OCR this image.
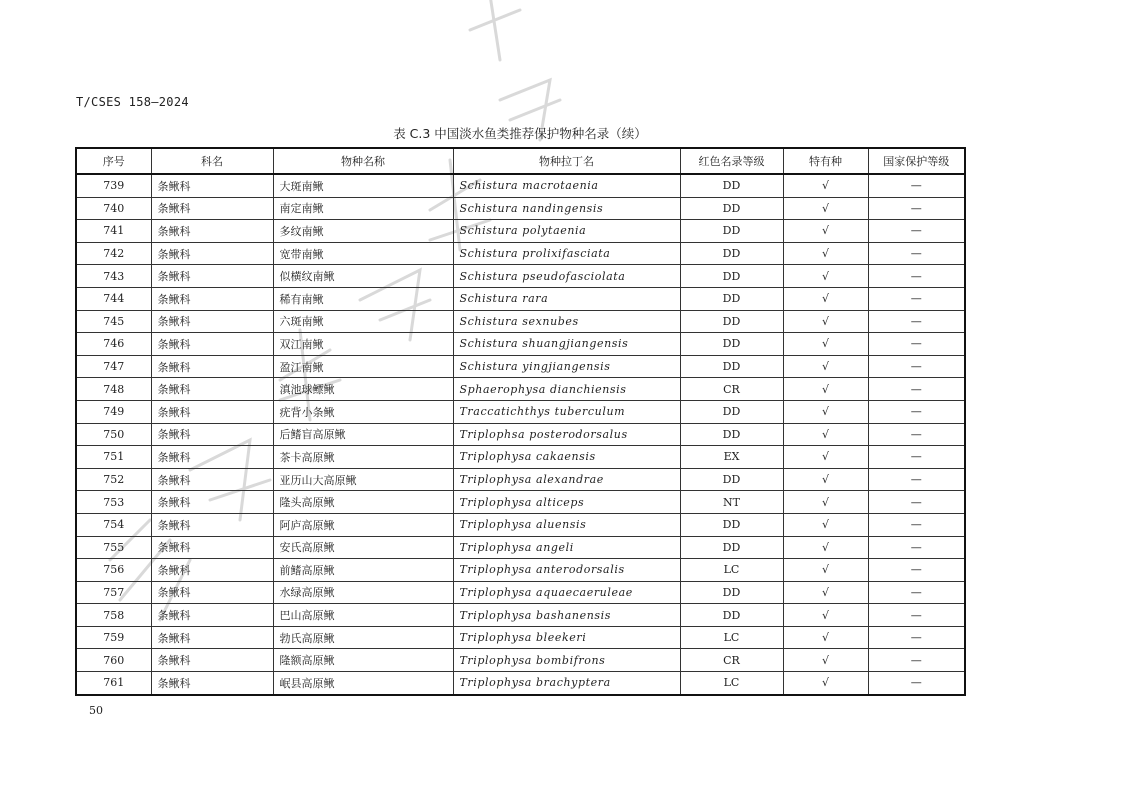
T/CSES 158—2024
表 C.3 中国淡水鱼类推荐保护物种名录（续）
序号	科名	物种名称	物种拉丁名	红色名录等级	特有种	国家保护等级
739	条鳅科	大斑南鳅	Schistura macrotaenia	DD	√	—
740	条鳅科	南定南鳅	Schistura nandingensis	DD	√	—
741	条鳅科	多纹南鳅	Schistura polytaenia	DD	√	—
742	条鳅科	宽带南鳅	Schistura prolixifasciata	DD	√	—
743	条鳅科	似横纹南鳅	Schistura pseudofasciolata	DD	√	—
744	条鳅科	稀有南鳅	Schistura rara	DD	√	—
745	条鳅科	六斑南鳅	Schistura sexnubes	DD	√	—
746	条鳅科	双江南鳅	Schistura shuangjiangensis	DD	√	—
747	条鳅科	盈江南鳅	Schistura yingjiangensis	DD	√	—
748	条鳅科	滇池球鳔鳅	Sphaerophysa dianchiensis	CR	√	—
749	条鳅科	疣背小条鳅	Traccatichthys tuberculum	DD	√	—
750	条鳅科	后鳍盲高原鳅	Triplophsa posterodorsalus	DD	√	—
751	条鳅科	茶卡高原鳅	Triplophysa cakaensis	EX	√	—
752	条鳅科	亚历山大高原鳅	Triplophysa alexandrae	DD	√	—
753	条鳅科	隆头高原鳅	Triplophysa alticeps	NT	√	—
754	条鳅科	阿庐高原鳅	Triplophysa aluensis	DD	√	—
755	条鳅科	安氏高原鳅	Triplophysa angeli	DD	√	—
756	条鳅科	前鳍高原鳅	Triplophysa anterodorsalis	LC	√	—
757	条鳅科	水绿高原鳅	Triplophysa aquaecaeruleae	DD	√	—
758	条鳅科	巴山高原鳅	Triplophysa bashanensis	DD	√	—
759	条鳅科	勃氏高原鳅	Triplophysa bleekeri	LC	√	—
760	条鳅科	隆额高原鳅	Triplophysa bombifrons	CR	√	—
761	条鳅科	岷县高原鳅	Triplophysa brachyptera	LC	√	—
50
